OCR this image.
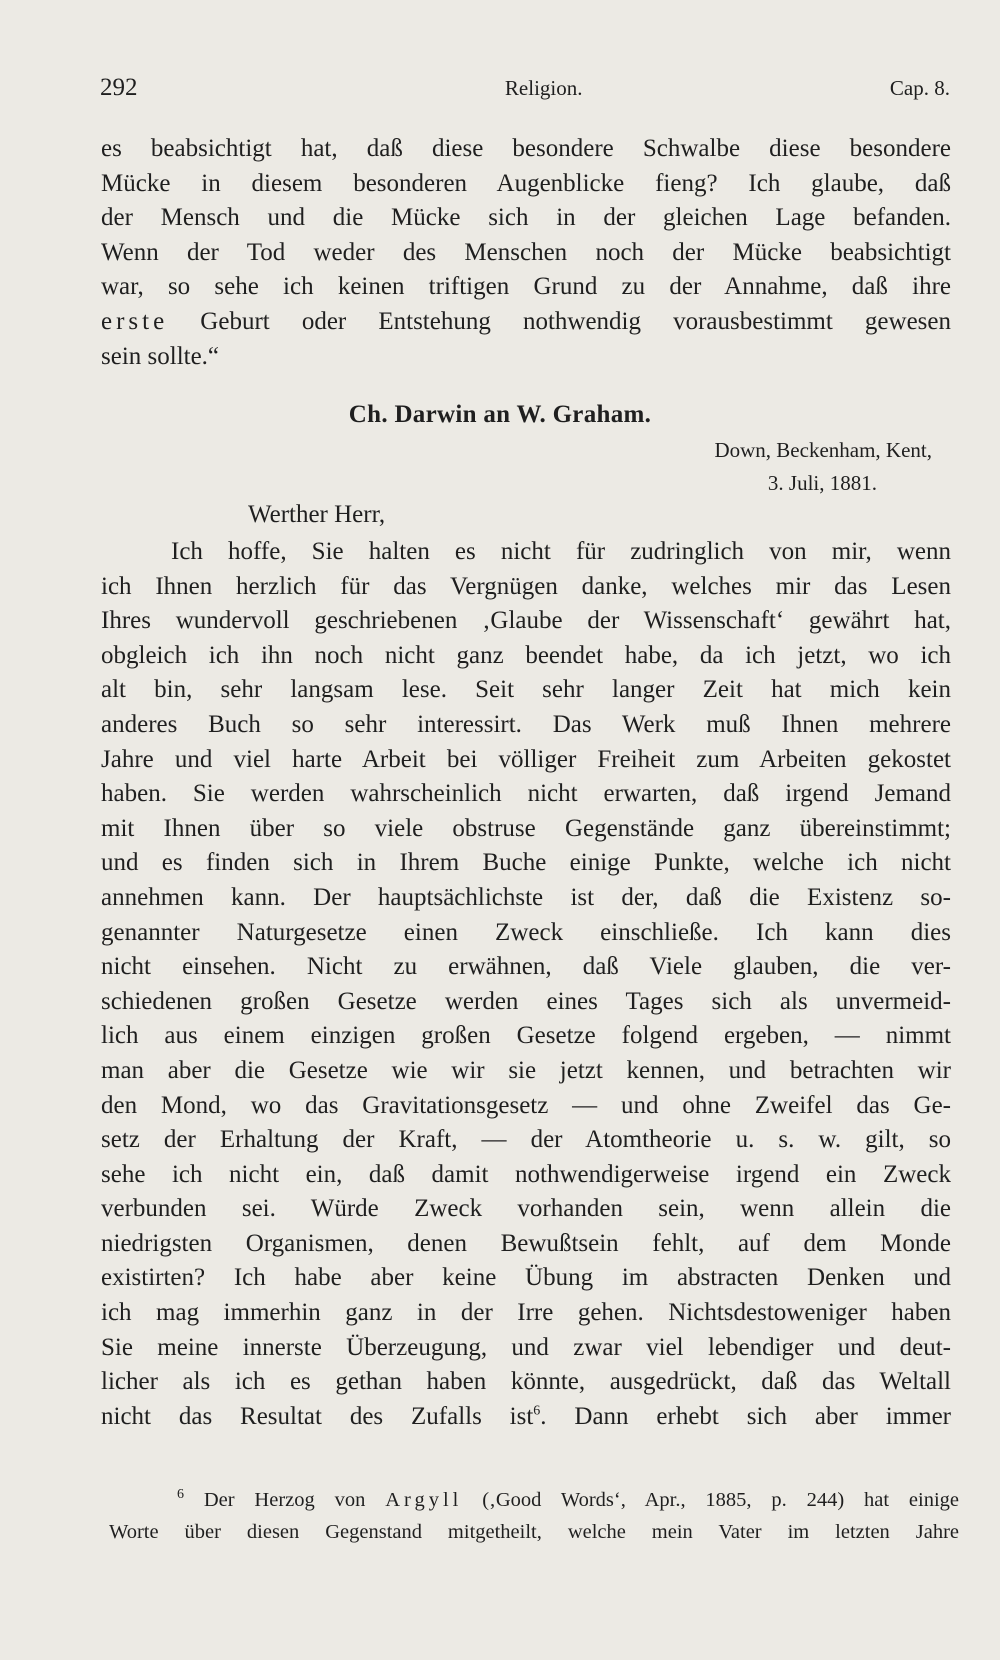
292	Religion.	Cap. 8.
es beabsichtigt hat, daß diese besondere Schwalbe diese besondere
Mücke in diesem besonderen Augenblicke fieng? Ich glaube, daß
der Mensch und die Mücke sich in der gleichen Lage befanden.
Wenn der Tod weder des Menschen noch der Mücke beabsichtigt
war, so sehe ich keinen triftigen Grund zu der Annahme, daß ihre
erste Geburt oder Entstehung nothwendig vorausbestimmt gewesen
sein sollte.“
Ch. Darwin an W. Graham.
Down, Beckenham, Kent,
3. Juli, 1881.
Werther Herr,
Ich hoffe, Sie halten es nicht für zudringlich von mir, wenn
ich Ihnen herzlich für das Vergnügen danke, welches mir das Lesen
Ihres wundervoll geschriebenen ‚Glaube der Wissenschaft‘ gewährt hat,
obgleich ich ihn noch nicht ganz beendet habe, da ich jetzt, wo ich
alt bin, sehr langsam lese. Seit sehr langer Zeit hat mich kein
anderes Buch so sehr interessirt. Das Werk muß Ihnen mehrere
Jahre und viel harte Arbeit bei völliger Freiheit zum Arbeiten gekostet
haben. Sie werden wahrscheinlich nicht erwarten, daß irgend Jemand
mit Ihnen über so viele obstruse Gegenstände ganz übereinstimmt;
und es finden sich in Ihrem Buche einige Punkte, welche ich nicht
annehmen kann. Der hauptsächlichste ist der, daß die Existenz so-
genannter Naturgesetze einen Zweck einschließe. Ich kann dies
nicht einsehen. Nicht zu erwähnen, daß Viele glauben, die ver-
schiedenen großen Gesetze werden eines Tages sich als unvermeid-
lich aus einem einzigen großen Gesetze folgend ergeben, — nimmt
man aber die Gesetze wie wir sie jetzt kennen, und betrachten wir
den Mond, wo das Gravitationsgesetz — und ohne Zweifel das Ge-
setz der Erhaltung der Kraft, — der Atomtheorie u. s. w. gilt, so
sehe ich nicht ein, daß damit nothwendigerweise irgend ein Zweck
verbunden sei. Würde Zweck vorhanden sein, wenn allein die
niedrigsten Organismen, denen Bewußtsein fehlt, auf dem Monde
existirten? Ich habe aber keine Übung im abstracten Denken und
ich mag immerhin ganz in der Irre gehen. Nichtsdestoweniger haben
Sie meine innerste Überzeugung, und zwar viel lebendiger und deut-
licher als ich es gethan haben könnte, ausgedrückt, daß das Weltall
nicht das Resultat des Zufalls ist$^6$. Dann erhebt sich aber immer
$^6$ Der Herzog von Argyll (‚Good Words‘, Apr., 1885, p. 244) hat einige
Worte über diesen Gegenstand mitgetheilt, welche mein Vater im letzten Jahre
